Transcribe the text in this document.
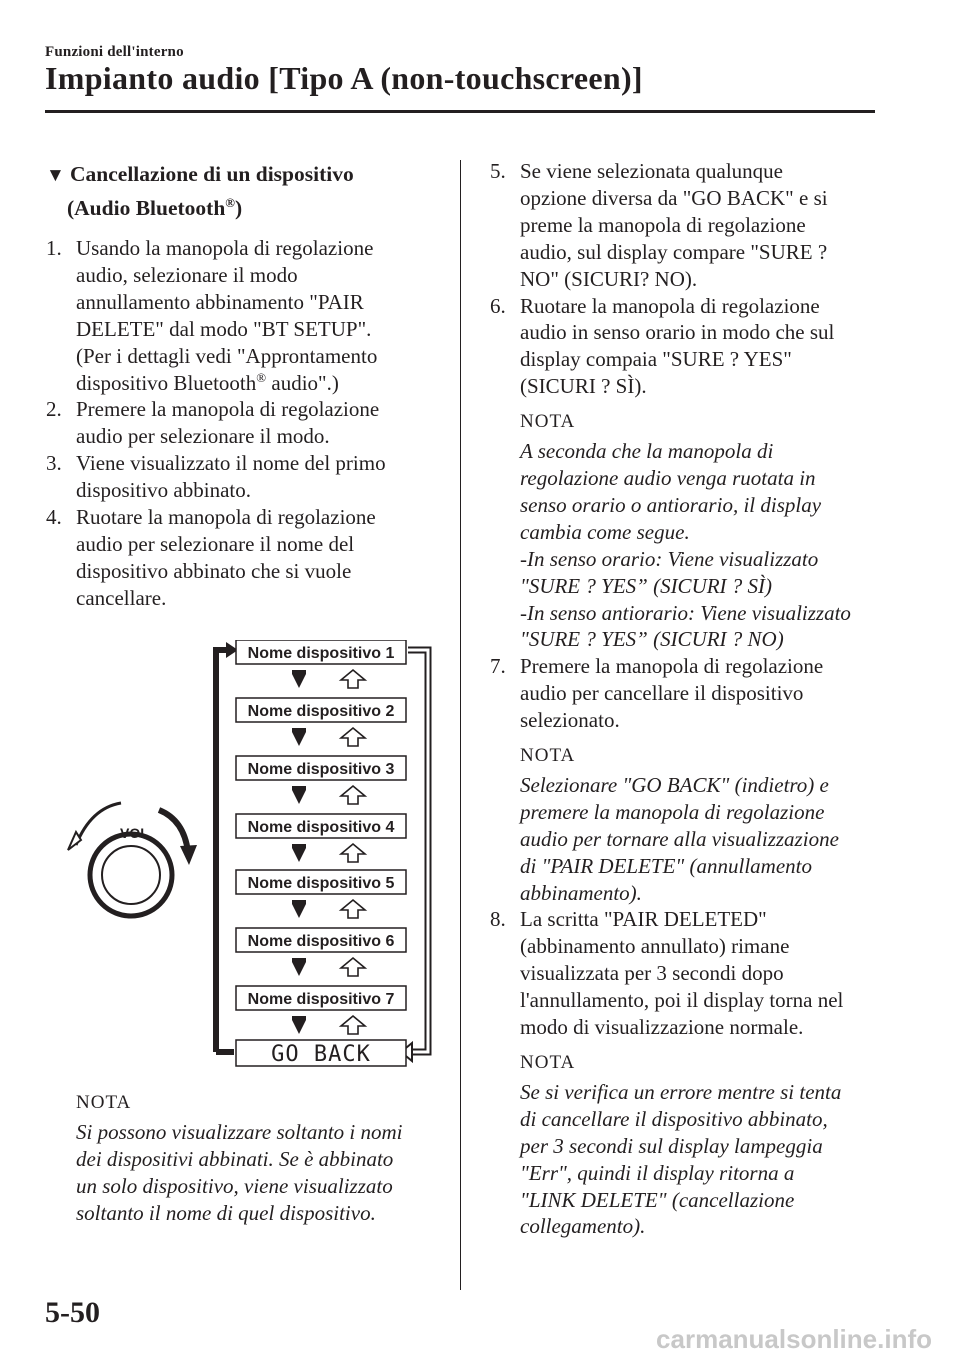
Funzioni dell'interno
Impianto audio [Tipo A (non-touchscreen)]
▼ Cancellazione di un dispositivo
(Audio Bluetooth®)
1. Usando la manopola di regolazione
audio, selezionare il modo
annullamento abbinamento "PAIR
DELETE" dal modo "BT SETUP".
(Per i dettagli vedi "Approntamento
dispositivo Bluetooth® audio".)
2. Premere la manopola di regolazione
audio per selezionare il modo.
3. Viene visualizzato il nome del primo
dispositivo abbinato.
4. Ruotare la manopola di regolazione
audio per selezionare il nome del
dispositivo abbinato che si vuole
cancellare.
VOL
Nome dispositivo 1
Nome dispositivo 2
Nome dispositivo 3
Nome dispositivo 4
Nome dispositivo 5
Nome dispositivo 6
Nome dispositivo 7
GO BACK
NOTA
Si possono visualizzare soltanto i nomi
dei dispositivi abbinati. Se è abbinato
un solo dispositivo, viene visualizzato
soltanto il nome di quel dispositivo.
5. Se viene selezionata qualunque
opzione diversa da "GO BACK" e si
preme la manopola di regolazione
audio, sul display compare "SURE ?
NO" (SICURI? NO).
6. Ruotare la manopola di regolazione
audio in senso orario in modo che sul
display compaia "SURE ? YES"
(SICURI ? SÌ).
NOTA
A seconda che la manopola di
regolazione audio venga ruotata in
senso orario o antiorario, il display
cambia come segue.
-In senso orario: Viene visualizzato
"SURE ? YES” (SICURI ? SÌ)
-In senso antiorario: Viene visualizzato
"SURE ? YES” (SICURI ? NO)
7. Premere la manopola di regolazione
audio per cancellare il dispositivo
selezionato.
NOTA
Selezionare "GO BACK" (indietro) e
premere la manopola di regolazione
audio per tornare alla visualizzazione
di "PAIR DELETE" (annullamento
abbinamento).
8. La scritta "PAIR DELETED"
(abbinamento annullato) rimane
visualizzata per 3 secondi dopo
l'annullamento, poi il display torna nel
modo di visualizzazione normale.
NOTA
Se si verifica un errore mentre si tenta
di cancellare il dispositivo abbinato,
per 3 secondi sul display lampeggia
"Err", quindi il display ritorna a
"LINK DELETE" (cancellazione
collegamento).
5-50
carmanualsonline.info
